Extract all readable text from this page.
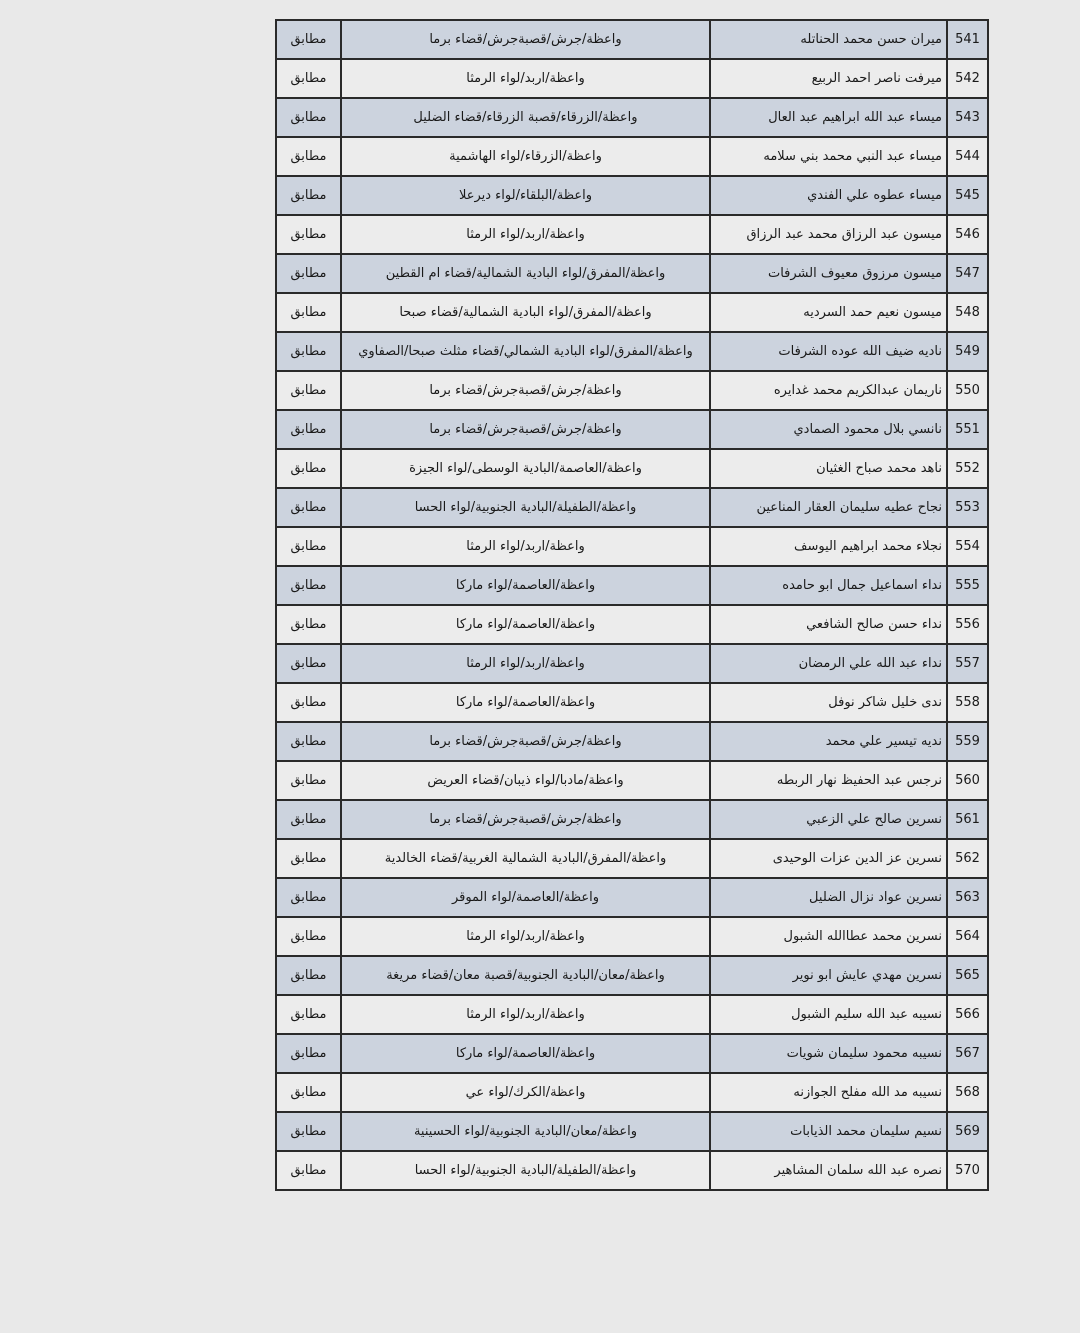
مطابق	واعظة/جرش/قصبةجرش/قضاء برما	ميران حسن محمد الحناتله	541
مطابق	واعظة/اربد/لواء الرمثا	ميرفت ناصر احمد الربيع	542
مطابق	واعظة/الزرقاء/قصبة الزرقاء/قضاء الضليل	ميساء عبد الله ابراهيم عبد العال	543
مطابق	واعظة/الزرقاء/لواء الهاشمية	ميساء عبد النبي محمد بني سلامه	544
مطابق	واعظة/البلقاء/لواء ديرعلا	ميساء عطوه علي الفندي	545
مطابق	واعظة/اربد/لواء الرمثا	ميسون عبد الرزاق محمد عبد الرزاق	546
مطابق	واعظة/المفرق/لواء البادية الشمالية/قضاء ام القطين	ميسون مرزوق معيوف الشرفات	547
مطابق	واعظة/المفرق/لواء البادية الشمالية/قضاء صبحا	ميسون نعيم حمد السرديه	548
مطابق	واعظة/المفرق/لواء البادية الشمالي/قضاء مثلث صبحا/الصفاوي	ناديه ضيف الله عوده الشرفات	549
مطابق	واعظة/جرش/قصبةجرش/قضاء برما	ناريمان عبدالكريم محمد غدايره	550
مطابق	واعظة/جرش/قصبةجرش/قضاء برما	نانسي بلال محمود الصمادي	551
مطابق	واعظة/العاصمة/البادية الوسطى/لواء الجيزة	ناهد محمد صباح الغثيان	552
مطابق	واعظة/الطفيلة/البادية الجنوبية/لواء الحسا	نجاح عطيه سليمان العقار المناعين	553
مطابق	واعظة/اربد/لواء الرمثا	نجلاء محمد ابراهيم اليوسف	554
مطابق	واعظة/العاصمة/لواء ماركا	نداء اسماعيل جمال ابو حامده	555
مطابق	واعظة/العاصمة/لواء ماركا	نداء حسن صالح الشافعي	556
مطابق	واعظة/اربد/لواء الرمثا	نداء عبد الله علي الرمضان	557
مطابق	واعظة/العاصمة/لواء ماركا	ندى خليل شاكر نوفل	558
مطابق	واعظة/جرش/قصبةجرش/قضاء برما	نديه تيسير علي محمد	559
مطابق	واعظة/مادبا/لواء ذيبان/قضاء العريض	نرجس عبد الحفيظ نهار الربطه	560
مطابق	واعظة/جرش/قصبةجرش/قضاء برما	نسرين صالح علي الزعبي	561
مطابق	واعظة/المفرق/البادية الشمالية الغربية/قضاء الخالدية	نسرين عز الدين عزات الوحيدى	562
مطابق	واعظة/العاصمة/لواء الموقر	نسرين عواد نزال الضليل	563
مطابق	واعظة/اربد/لواء الرمثا	نسرين محمد عطاالله الشبول	564
مطابق	واعظة/معان/البادية الجنوبية/قصبة معان/قضاء مريغة	نسرين مهدي عايش ابو نوير	565
مطابق	واعظة/اربد/لواء الرمثا	نسيبه عبد الله سليم الشبول	566
مطابق	واعظة/العاصمة/لواء ماركا	نسيبه محمود سليمان شويات	567
مطابق	واعظة/الكرك/لواء عي	نسيبه مد الله مفلح الجوازنه	568
مطابق	واعظة/معان/البادية الجنوبية/لواء الحسينية	نسيم سليمان محمد الذيابات	569
مطابق	واعظة/الطفيلة/البادية الجنوبية/لواء الحسا	نصره عبد الله سلمان المشاهير	570
